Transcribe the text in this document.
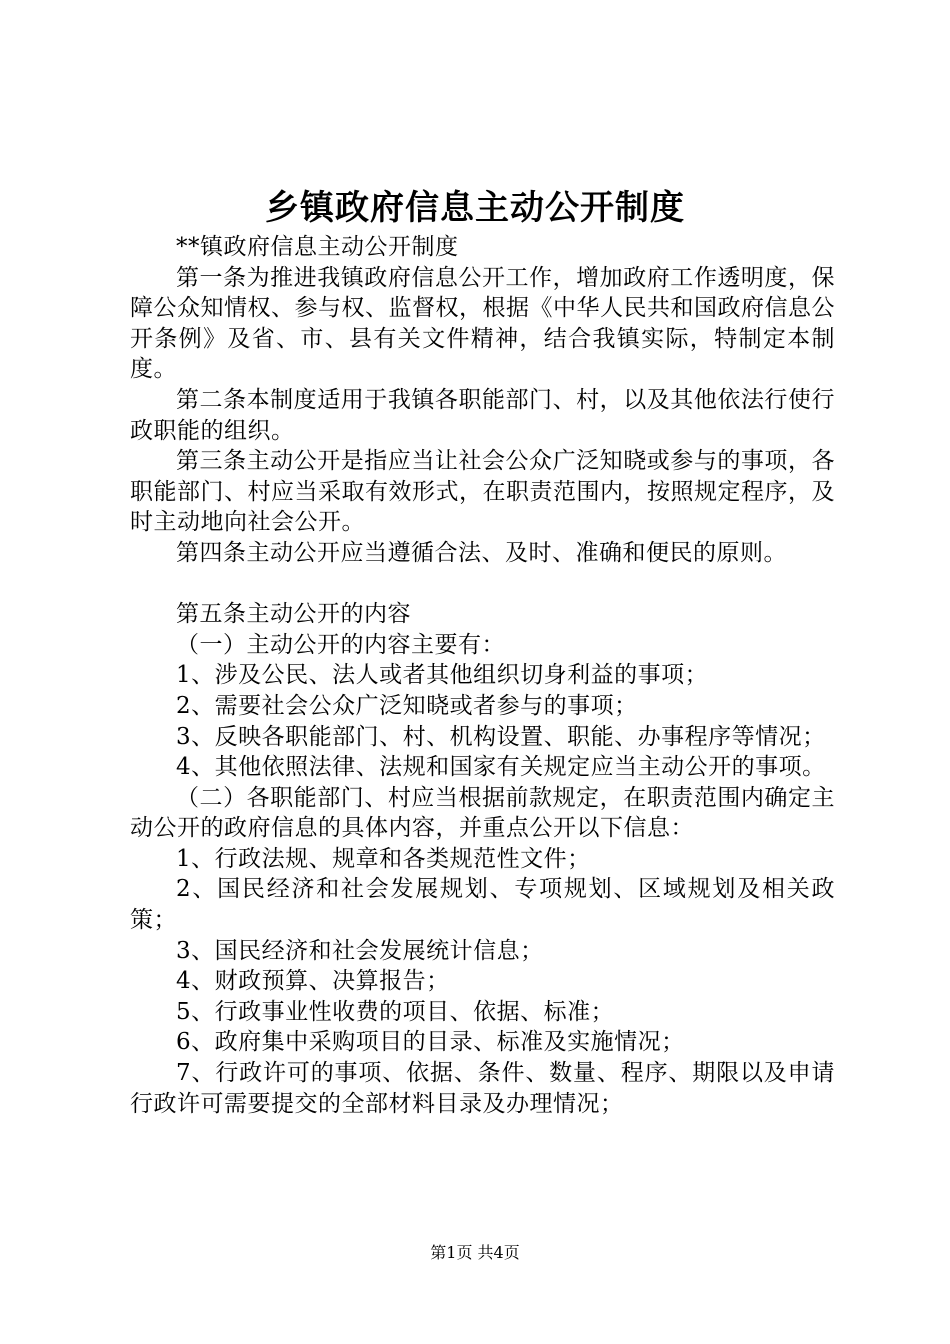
乡镇政府信息主动公开制度

**镇政府信息主动公开制度

第一条为推进我镇政府信息公开工作，增加政府工作透明度，保障公众知情权、参与权、监督权，根据《中华人民共和国政府信息公开条例》及省、市、县有关文件精神，结合我镇实际，特制定本制度。

第二条本制度适用于我镇各职能部门、村，以及其他依法行使行政职能的组织。

第三条主动公开是指应当让社会公众广泛知晓或参与的事项，各职能部门、村应当采取有效形式，在职责范围内，按照规定程序，及时主动地向社会公开。

第四条主动公开应当遵循合法、及时、准确和便民的原则。

第五条主动公开的内容

（一）主动公开的内容主要有：

1、涉及公民、法人或者其他组织切身利益的事项；

2、需要社会公众广泛知晓或者参与的事项；

3、反映各职能部门、村、机构设置、职能、办事程序等情况；

4、其他依照法律、法规和国家有关规定应当主动公开的事项。

（二）各职能部门、村应当根据前款规定，在职责范围内确定主动公开的政府信息的具体内容，并重点公开以下信息：

1、行政法规、规章和各类规范性文件；

2、国民经济和社会发展规划、专项规划、区域规划及相关政策；

3、国民经济和社会发展统计信息；

4、财政预算、决算报告；

5、行政事业性收费的项目、依据、标准；

6、政府集中采购项目的目录、标准及实施情况；

7、行政许可的事项、依据、条件、数量、程序、期限以及申请行政许可需要提交的全部材料目录及办理情况；

第1页 共4页
